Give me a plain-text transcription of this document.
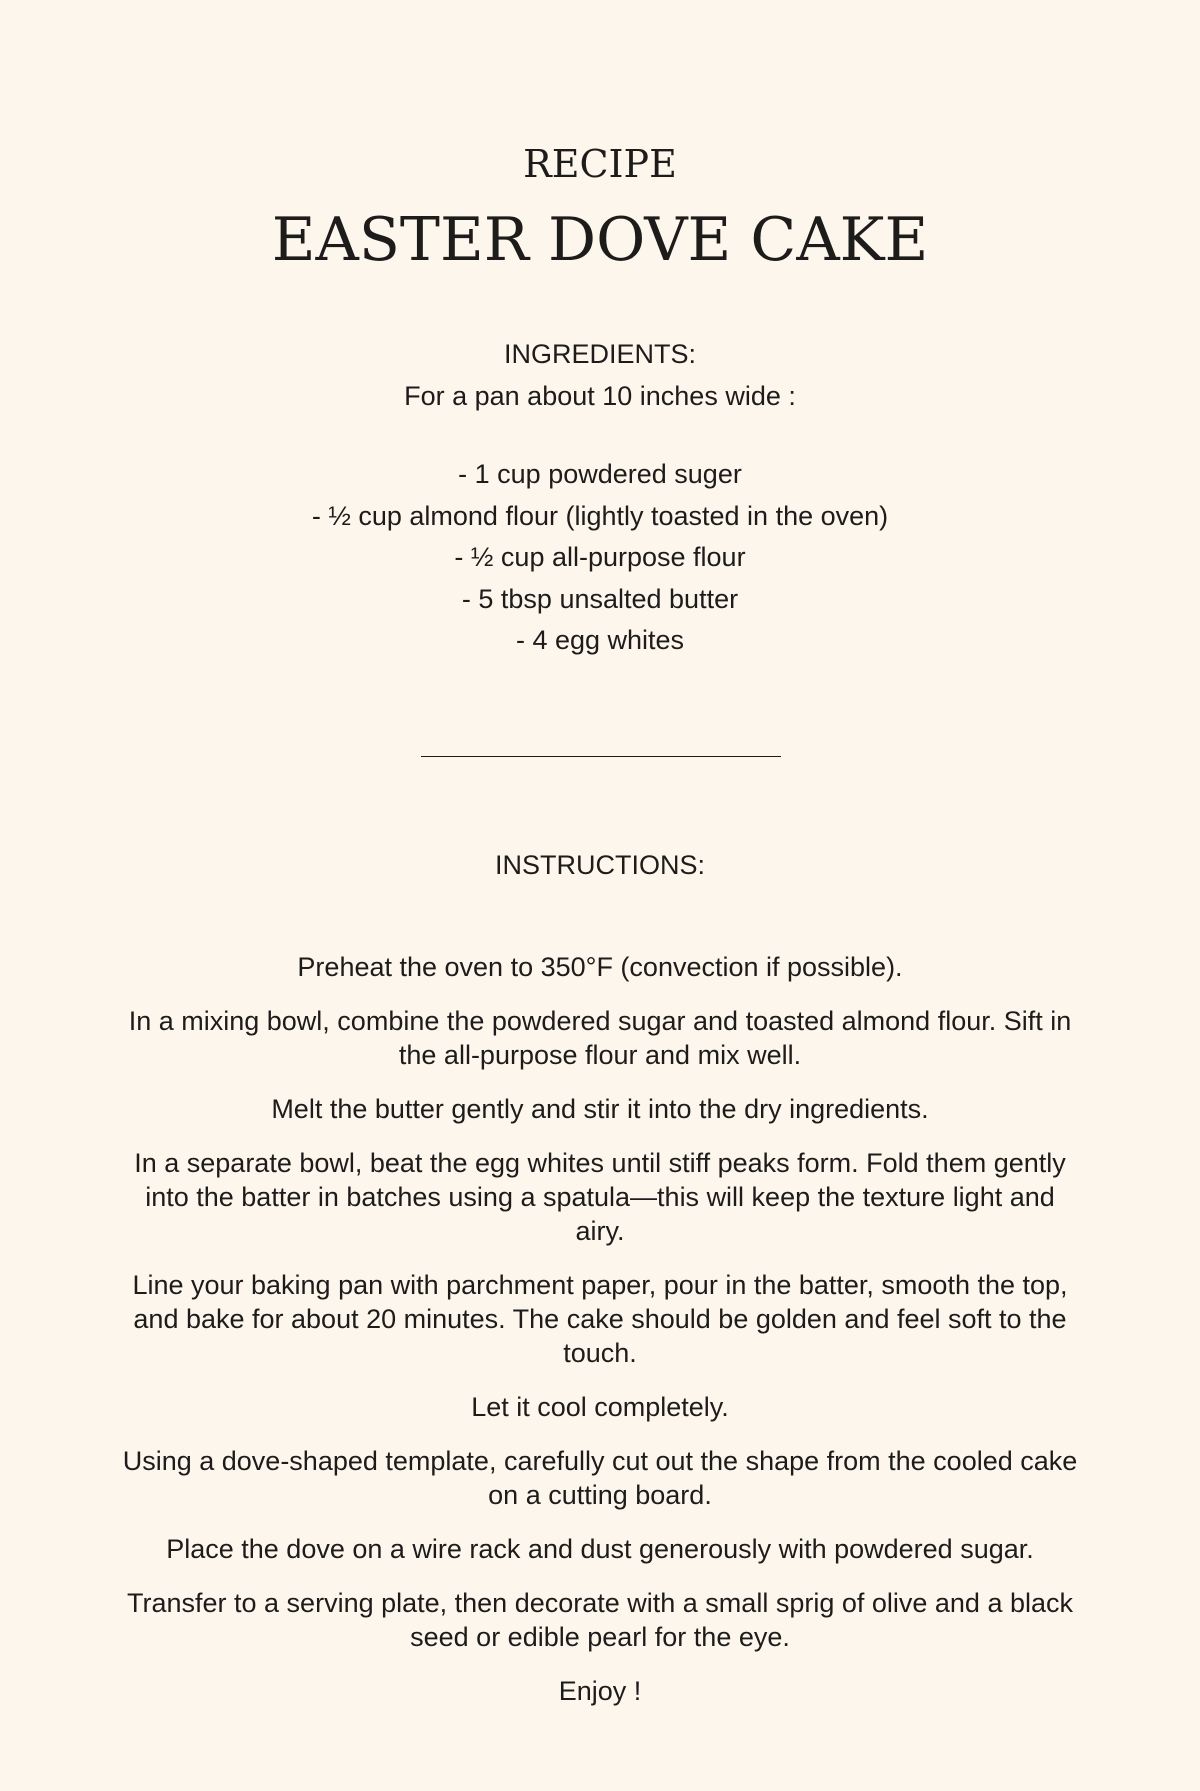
RECIPE
EASTER DOVE CAKE
INGREDIENTS:

For a pan about 10 inches wide :

- 1 cup powdered suger
- ½ cup almond flour (lightly toasted in the oven)
- ½ cup all-purpose flour
- 5 tbsp unsalted butter
- 4 egg whites
INSTRUCTIONS:

Preheat the oven to 350°F (convection if possible).

In a mixing bowl, combine the powdered sugar and toasted almond flour. Sift in the all-purpose flour and mix well.

Melt the butter gently and stir it into the dry ingredients.

In a separate bowl, beat the egg whites until stiff peaks form. Fold them gently into the batter in batches using a spatula—this will keep the texture light and airy.

Line your baking pan with parchment paper, pour in the batter, smooth the top, and bake for about 20 minutes. The cake should be golden and feel soft to the touch.

Let it cool completely.

Using a dove-shaped template, carefully cut out the shape from the cooled cake on a cutting board.

Place the dove on a wire rack and dust generously with powdered sugar.

Transfer to a serving plate, then decorate with a small sprig of olive and a black seed or edible pearl for the eye.

Enjoy !
